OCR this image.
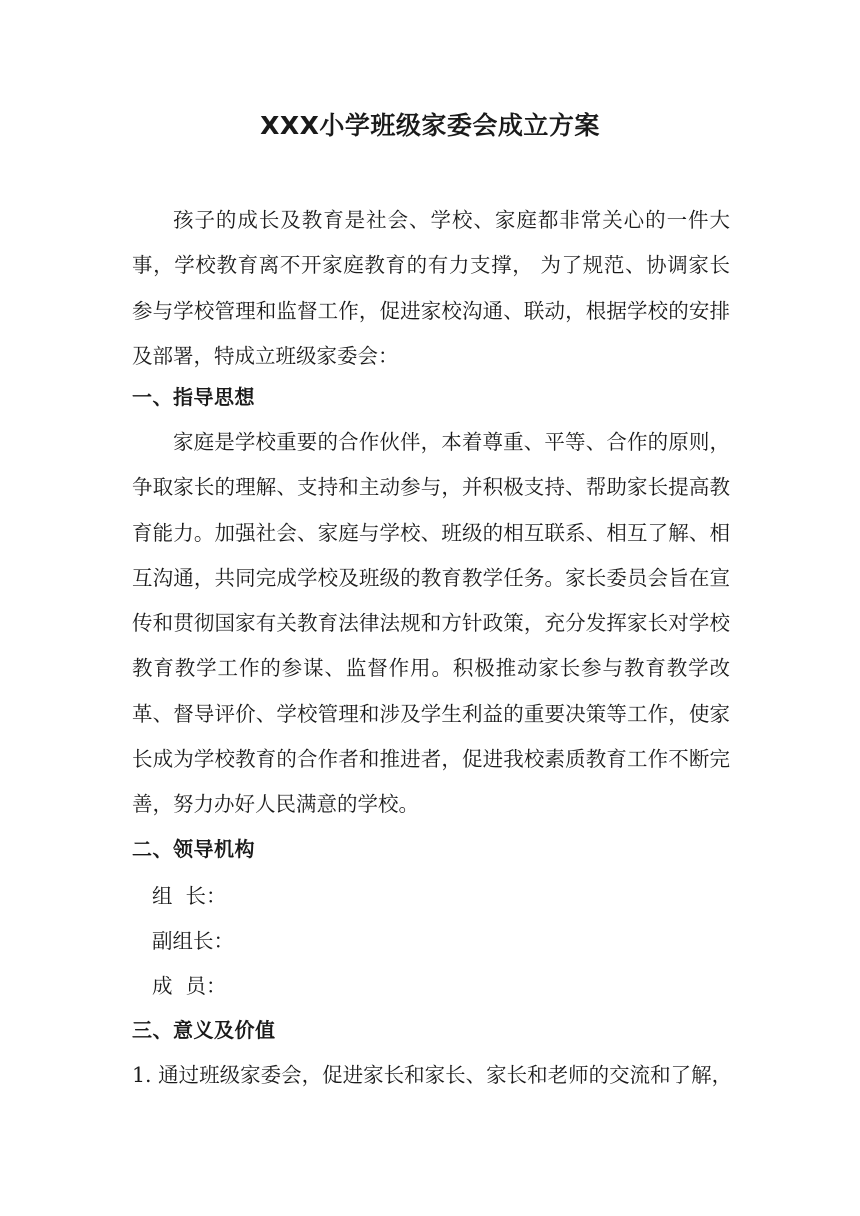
XXX小学班级家委会成立方案

孩子的成长及教育是社会、学校、家庭都非常关心的一件大事，学校教育离不开家庭教育的有力支撑， 为了规范、协调家长参与学校管理和监督工作，促进家校沟通、联动，根据学校的安排及部署，特成立班级家委会：

一、指导思想

家庭是学校重要的合作伙伴，本着尊重、平等、合作的原则，争取家长的理解、支持和主动参与，并积极支持、帮助家长提高教育能力。加强社会、家庭与学校、班级的相互联系、相互了解、相互沟通，共同完成学校及班级的教育教学任务。家长委员会旨在宣传和贯彻国家有关教育法律法规和方针政策，充分发挥家长对学校教育教学工作的参谋、监督作用。积极推动家长参与教育教学改革、督导评价、学校管理和涉及学生利益的重要决策等工作，使家长成为学校教育的合作者和推进者，促进我校素质教育工作不断完善，努力办好人民满意的学校。

二、领导机构
组  长：
副组长：
成  员：
三、意义及价值
1. 通过班级家委会，促进家长和家长、家长和老师的交流和了解，
